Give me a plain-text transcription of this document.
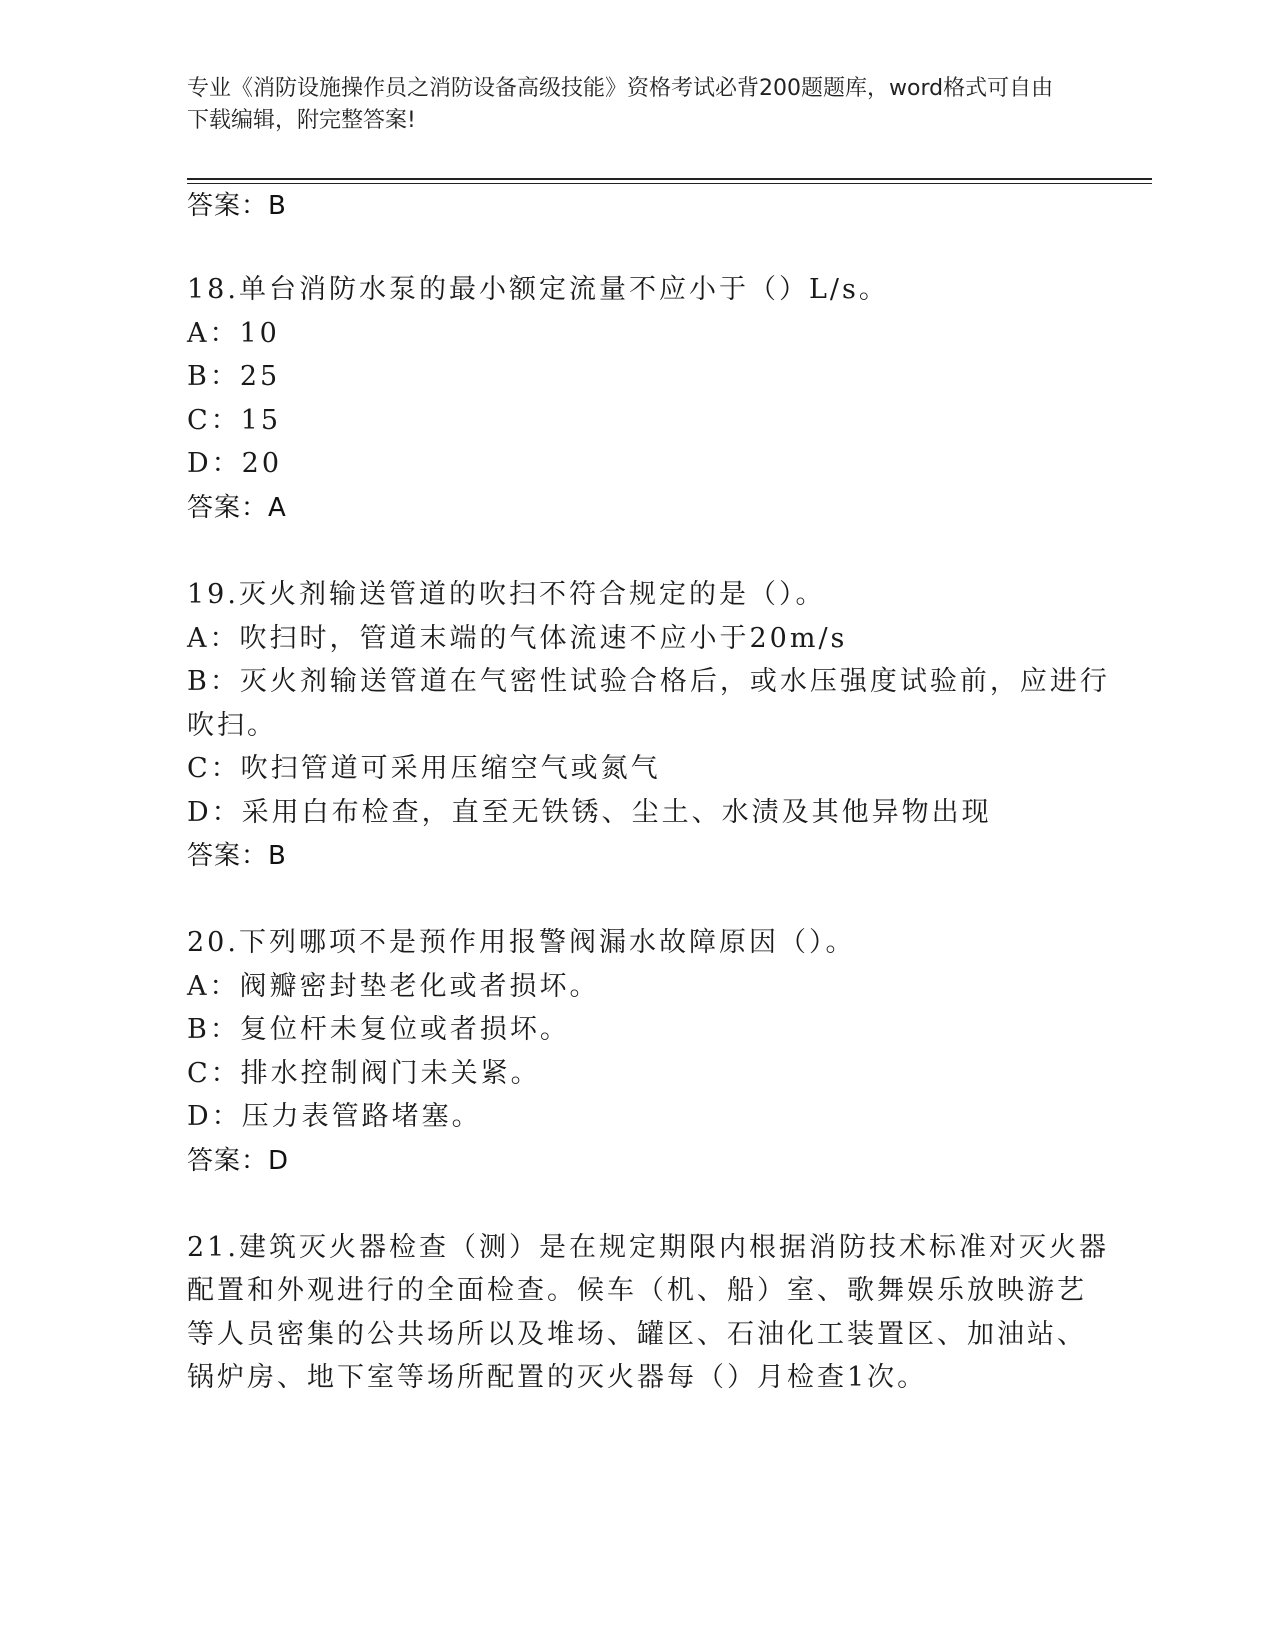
专业《消防设施操作员之消防设备高级技能》资格考试必背200题题库，word格式可自由下载编辑，附完整答案!
答案：B
18.单台消防水泵的最小额定流量不应小于（）L/s。
A：10
B：25
C：15
D：20
答案：A
19.灭火剂输送管道的吹扫不符合规定的是（）。
A：吹扫时，管道末端的气体流速不应小于20m/s
B：灭火剂输送管道在气密性试验合格后，或水压强度试验前，应进行
吹扫。
C：吹扫管道可采用压缩空气或氮气
D：采用白布检查，直至无铁锈、尘土、水渍及其他异物出现
答案：B
20.下列哪项不是预作用报警阀漏水故障原因（）。
A：阀瓣密封垫老化或者损坏。
B：复位杆未复位或者损坏。
C：排水控制阀门未关紧。
D：压力表管路堵塞。
答案：D
21.建筑灭火器检查（测）是在规定期限内根据消防技术标准对灭火器
配置和外观进行的全面检查。候车（机、船）室、歌舞娱乐放映游艺
等人员密集的公共场所以及堆场、罐区、石油化工装置区、加油站、
锅炉房、地下室等场所配置的灭火器每（）月检查1次。
